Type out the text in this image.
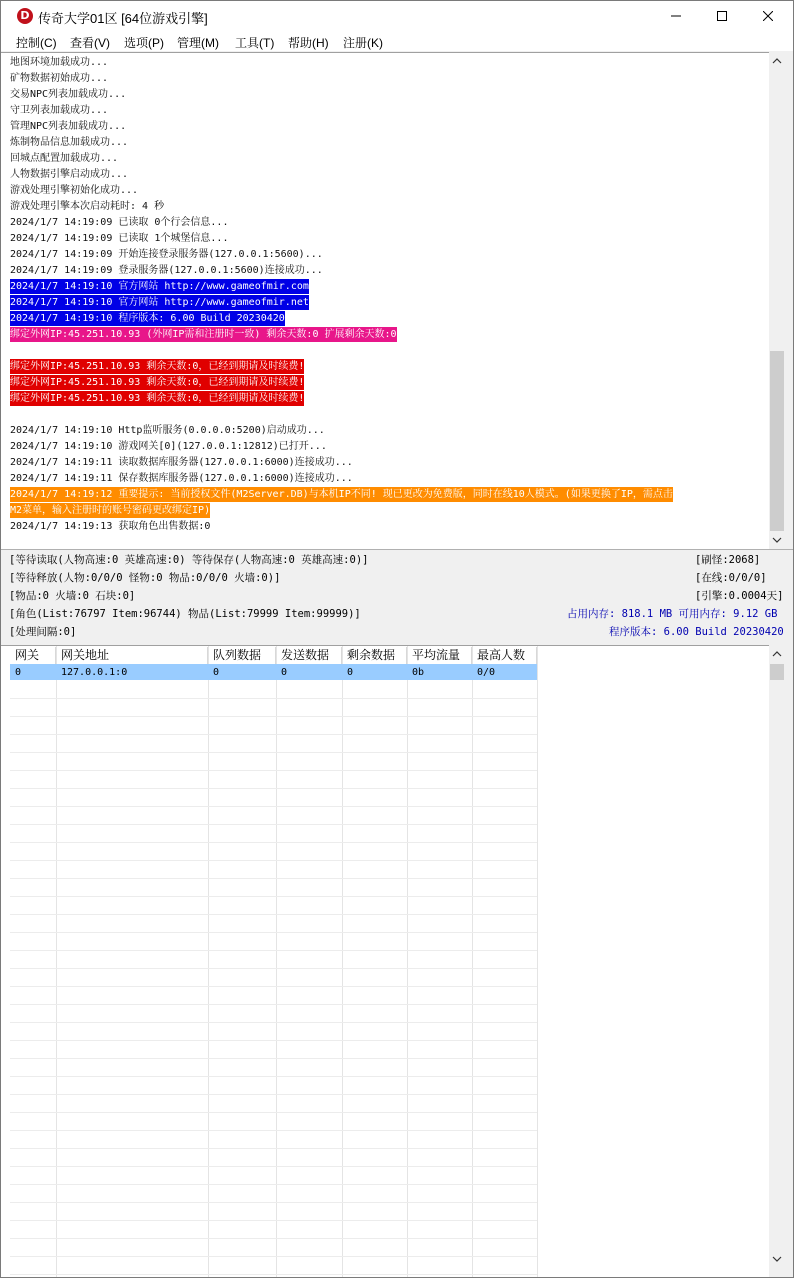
D 传奇大学01区 [64位游戏引擎]
控制(C) 查看(V) 选项(P) 管理(M) 工具(T) 帮助(H) 注册(K)
地图环境加载成功...
矿物数据初始成功...
交易NPC列表加载成功...
守卫列表加载成功...
管理NPC列表加载成功...
炼制物品信息加载成功...
回城点配置加载成功...
人物数据引擎启动成功...
游戏处理引擎初始化成功...
游戏处理引擎本次启动耗时: 4 秒
2024/1/7 14:19:09 已读取 0个行会信息...
2024/1/7 14:19:09 已读取 1个城堡信息...
2024/1/7 14:19:09 开始连接登录服务器(127.0.0.1:5600)...
2024/1/7 14:19:09 登录服务器(127.0.0.1:5600)连接成功...
2024/1/7 14:19:10 官方网站 http://www.gameofmir.com
2024/1/7 14:19:10 官方网站 http://www.gameofmir.net
2024/1/7 14:19:10 程序版本: 6.00 Build 20230420
绑定外网IP:45.251.10.93 (外网IP需和注册时一致) 剩余天数:0 扩展剩余天数:0
绑定外网IP:45.251.10.93 剩余天数:0，已经到期请及时续费!
绑定外网IP:45.251.10.93 剩余天数:0，已经到期请及时续费!
绑定外网IP:45.251.10.93 剩余天数:0，已经到期请及时续费!
2024/1/7 14:19:10 Http监听服务(0.0.0.0:5200)启动成功...
2024/1/7 14:19:10 游戏网关[0](127.0.0.1:12812)已打开...
2024/1/7 14:19:11 读取数据库服务器(127.0.0.1:6000)连接成功...
2024/1/7 14:19:11 保存数据库服务器(127.0.0.1:6000)连接成功...
2024/1/7 14:19:12 重要提示: 当前授权文件(M2Server.DB)与本机IP不同! 现已更改为免费版，同时在线10人模式。(如果更换了IP，需点击
M2菜单，输入注册时的账号密码更改绑定IP)
2024/1/7 14:19:13 获取角色出售数据:0
[等待读取(人物高速:0 英雄高速:0) 等待保存(人物高速:0 英雄高速:0)]
[等待释放(人物:0/0/0 怪物:0 物品:0/0/0 火墙:0)]
[物品:0 火墙:0 石块:0]
[角色(List:76797 Item:96744) 物品(List:79999 Item:99999)]
[处理间隔:0]
[刷怪:2068]
[在线:0/0/0]
[引擎:0.0004天]
占用内存: 818.1 MB 可用内存: 9.12 GB
程序版本: 6.00 Build 20230420
网关	网关地址	队列数据	发送数据	剩余数据	平均流量	最高人数
0	127.0.0.1:0	0	0	0	0b	0/0
